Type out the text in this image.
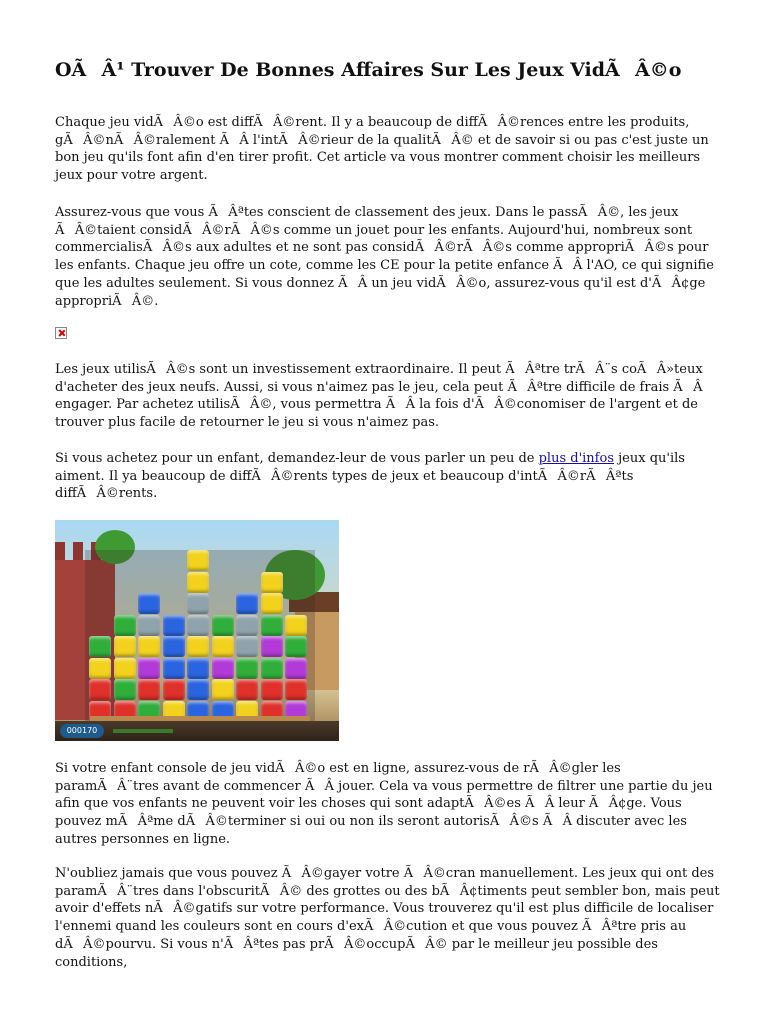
OÃÂ¹ Trouver De Bonnes Affaires Sur Les Jeux VidÃÂ©o

Chaque jeu vidÃÂ©o est diffÃÂ©rent. Il y a beaucoup de diffÃÂ©rences entre les produits, gÃÂ©nÃÂ©ralement ÃÂ l'intÃÂ©rieur de la qualitÃÂ© et de savoir si ou pas c'est juste un bon jeu qu'ils font afin d'en tirer profit. Cet article va vous montrer comment choisir les meilleurs jeux pour votre argent.

Assurez-vous que vous ÃÂªtes conscient de classement des jeux. Dans le passÃÂ©, les jeux ÃÂ©taient considÃÂ©rÃÂ©s comme un jouet pour les enfants. Aujourd'hui, nombreux sont commercialisÃÂ©s aux adultes et ne sont pas considÃÂ©rÃÂ©s comme appropriÃÂ©s pour les enfants. Chaque jeu offre un cote, comme les CE pour la petite enfance ÃÂ l'AO, ce qui signifie que les adultes seulement. Si vous donnez ÃÂ un jeu vidÃÂ©o, assurez-vous qu'il est d'ÃÂ¢ge appropriÃÂ©.

Les jeux utilisÃÂ©s sont un investissement extraordinaire. Il peut ÃÂªtre trÃÂ¨s coÃÂ»teux d'acheter des jeux neufs. Aussi, si vous n'aimez pas le jeu, cela peut ÃÂªtre difficile de frais ÃÂ engager. Par achetez utilisÃÂ©, vous permettra ÃÂ la fois d'ÃÂ©conomiser de l'argent et de trouver plus facile de retourner le jeu si vous n'aimez pas.

Si vous achetez pour un enfant, demandez-leur de vous parler un peu de plus d'infos jeux qu'ils aiment. Il ya beaucoup de diffÃÂ©rents types de jeux et beaucoup d'intÃÂ©rÃÂªts diffÃÂ©rents.

000170

Si votre enfant console de jeu vidÃÂ©o est en ligne, assurez-vous de rÃÂ©gler les paramÃÂ¨tres avant de commencer ÃÂ jouer. Cela va vous permettre de filtrer une partie du jeu afin que vos enfants ne peuvent voir les choses qui sont adaptÃÂ©es ÃÂ leur ÃÂ¢ge. Vous pouvez mÃÂªme dÃÂ©terminer si oui ou non ils seront autorisÃÂ©s ÃÂ discuter avec les autres personnes en ligne.

N'oubliez jamais que vous pouvez ÃÂ©gayer votre ÃÂ©cran manuellement. Les jeux qui ont des paramÃÂ¨tres dans l'obscuritÃÂ© des grottes ou des bÃÂ¢timents peut sembler bon, mais peut avoir d'effets nÃÂ©gatifs sur votre performance. Vous trouverez qu'il est plus difficile de localiser l'ennemi quand les couleurs sont en cours d'exÃÂ©cution et que vous pouvez ÃÂªtre pris au dÃÂ©pourvu. Si vous n'ÃÂªtes pas prÃÂ©occupÃÂ© par le meilleur jeu possible des conditions,
